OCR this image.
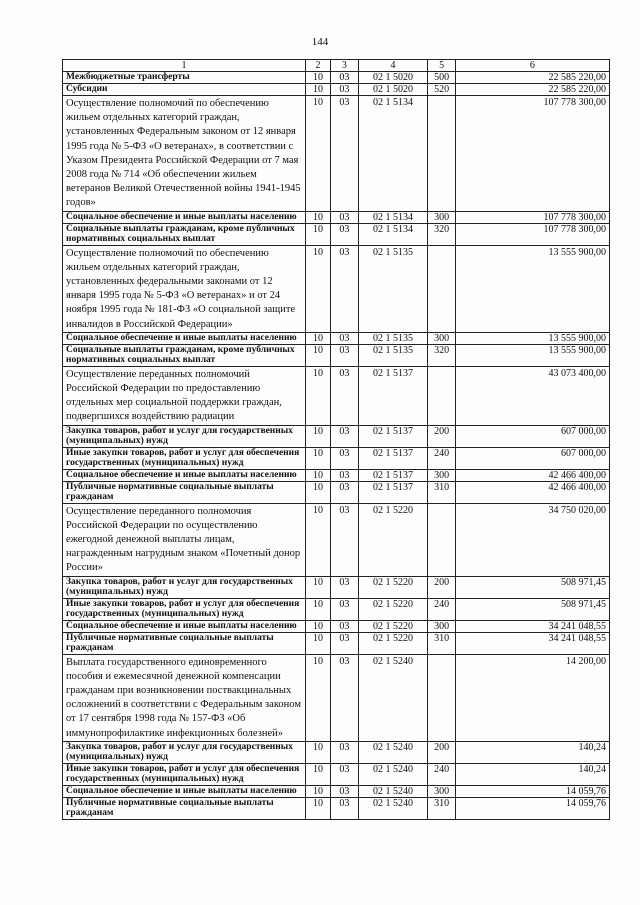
144
1	2	3	4	5	6
Межбюджетные трансферты	10	03	02 1 5020	500	22 585 220,00
Субсидии	10	03	02 1 5020	520	22 585 220,00
Осуществление полномочий по обеспечению жильем отдельных категорий граждан, установленных Федеральным законом от 12 января 1995 года № 5-ФЗ «О ветеранах», в соответствии с Указом Президента Российской Федерации от 7 мая 2008 года № 714 «Об обеспечении жильем ветеранов Великой Отечественной войны 1941-1945 годов»	10	03	02 1 5134		107 778 300,00
Социальное обеспечение и иные выплаты населению	10	03	02 1 5134	300	107 778 300,00
Социальные выплаты гражданам, кроме публичных нормативных социальных выплат	10	03	02 1 5134	320	107 778 300,00
Осуществление полномочий по обеспечению жильем отдельных категорий граждан, установленных федеральными законами от 12 января 1995 года № 5-ФЗ «О ветеранах» и от 24 ноября 1995 года № 181-ФЗ «О социальной защите инвалидов в Российской Федерации»	10	03	02 1 5135		13 555 900,00
Социальное обеспечение и иные выплаты населению	10	03	02 1 5135	300	13 555 900,00
Социальные выплаты гражданам, кроме публичных нормативных социальных выплат	10	03	02 1 5135	320	13 555 900,00
Осуществление переданных полномочий Российской Федерации по предоставлению отдельных мер социальной поддержки граждан, подвергшихся воздействию радиации	10	03	02 1 5137		43 073 400,00
Закупка товаров, работ и услуг для государственных (муниципальных) нужд	10	03	02 1 5137	200	607 000,00
Иные закупки товаров, работ и услуг для обеспечения государственных (муниципальных) нужд	10	03	02 1 5137	240	607 000,00
Социальное обеспечение и иные выплаты населению	10	03	02 1 5137	300	42 466 400,00
Публичные нормативные социальные выплаты гражданам	10	03	02 1 5137	310	42 466 400,00
Осуществление переданного полномочия Российской Федерации по осуществлению ежегодной денежной выплаты лицам, награжденным нагрудным знаком «Почетный донор России»	10	03	02 1 5220		34 750 020,00
Закупка товаров, работ и услуг для государственных (муниципальных) нужд	10	03	02 1 5220	200	508 971,45
Иные закупки товаров, работ и услуг для обеспечения государственных (муниципальных) нужд	10	03	02 1 5220	240	508 971,45
Социальное обеспечение и иные выплаты населению	10	03	02 1 5220	300	34 241 048,55
Публичные нормативные социальные выплаты гражданам	10	03	02 1 5220	310	34 241 048,55
Выплата государственного единовременного пособия и ежемесячной денежной компенсации гражданам при возникновении поствакцинальных осложнений в соответствии с Федеральным законом от 17 сентября 1998 года № 157-ФЗ «Об иммунопрофилактике инфекционных болезней»	10	03	02 1 5240		14 200,00
Закупка товаров, работ и услуг для государственных (муниципальных) нужд	10	03	02 1 5240	200	140,24
Иные закупки товаров, работ и услуг для обеспечения государственных (муниципальных) нужд	10	03	02 1 5240	240	140,24
Социальное обеспечение и иные выплаты населению	10	03	02 1 5240	300	14 059,76
Публичные нормативные социальные выплаты гражданам	10	03	02 1 5240	310	14 059,76
